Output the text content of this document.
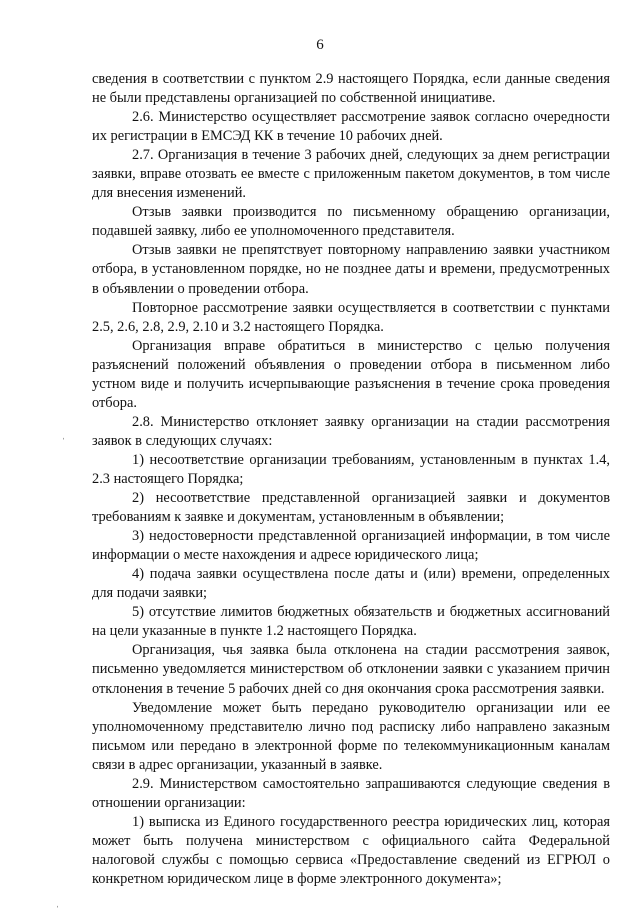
6

сведения в соответствии с пунктом 2.9 настоящего Порядка, если данные сведения не были представлены организацией по собственной инициативе.

2.6. Министерство осуществляет рассмотрение заявок согласно очередности их регистрации в ЕМСЭД КК в течение 10 рабочих дней.

2.7. Организация в течение 3 рабочих дней, следующих за днем регистрации заявки, вправе отозвать ее вместе с приложенным пакетом документов, в том числе для внесения изменений.

Отзыв заявки производится по письменному обращению организации, подавшей заявку, либо ее уполномоченного представителя.

Отзыв заявки не препятствует повторному направлению заявки участником отбора, в установленном порядке, но не позднее даты и времени, предусмотренных в объявлении о проведении отбора.

Повторное рассмотрение заявки осуществляется в соответствии с пунктами 2.5, 2.6, 2.8, 2.9, 2.10 и 3.2 настоящего Порядка.

Организация вправе обратиться в министерство с целью получения разъяснений положений объявления о проведении отбора в письменном либо устном виде и получить исчерпывающие разъяснения в течение срока проведения отбора.

2.8. Министерство отклоняет заявку организации на стадии рассмотрения заявок в следующих случаях:

1) несоответствие организации требованиям, установленным в пунктах 1.4, 2.3 настоящего Порядка;

2) несоответствие представленной организацией заявки и документов требованиям к заявке и документам, установленным в объявлении;

3) недостоверности представленной организацией информации, в том числе информации о месте нахождения и адресе юридического лица;

4) подача заявки осуществлена после даты и (или) времени, определенных для подачи заявки;

5) отсутствие лимитов бюджетных обязательств и бюджетных ассигнований на цели указанные в пункте 1.2 настоящего Порядка.

Организация, чья заявка была отклонена на стадии рассмотрения заявок, письменно уведомляется министерством об отклонении заявки с указанием причин отклонения в течение 5 рабочих дней со дня окончания срока рассмотрения заявки.

Уведомление может быть передано руководителю организации или ее уполномоченному представителю лично под расписку либо направлено заказным письмом или передано в электронной форме по телекоммуникационным каналам связи в адрес организации, указанный в заявке.

2.9. Министерством самостоятельно запрашиваются следующие сведения в отношении организации:

1) выписка из Единого государственного реестра юридических лиц, которая может быть получена министерством с официального сайта Федеральной налоговой службы с помощью сервиса «Предоставление сведений из ЕГРЮЛ о конкретном юридическом лице в форме электронного документа»;

ˌ
ˌ
